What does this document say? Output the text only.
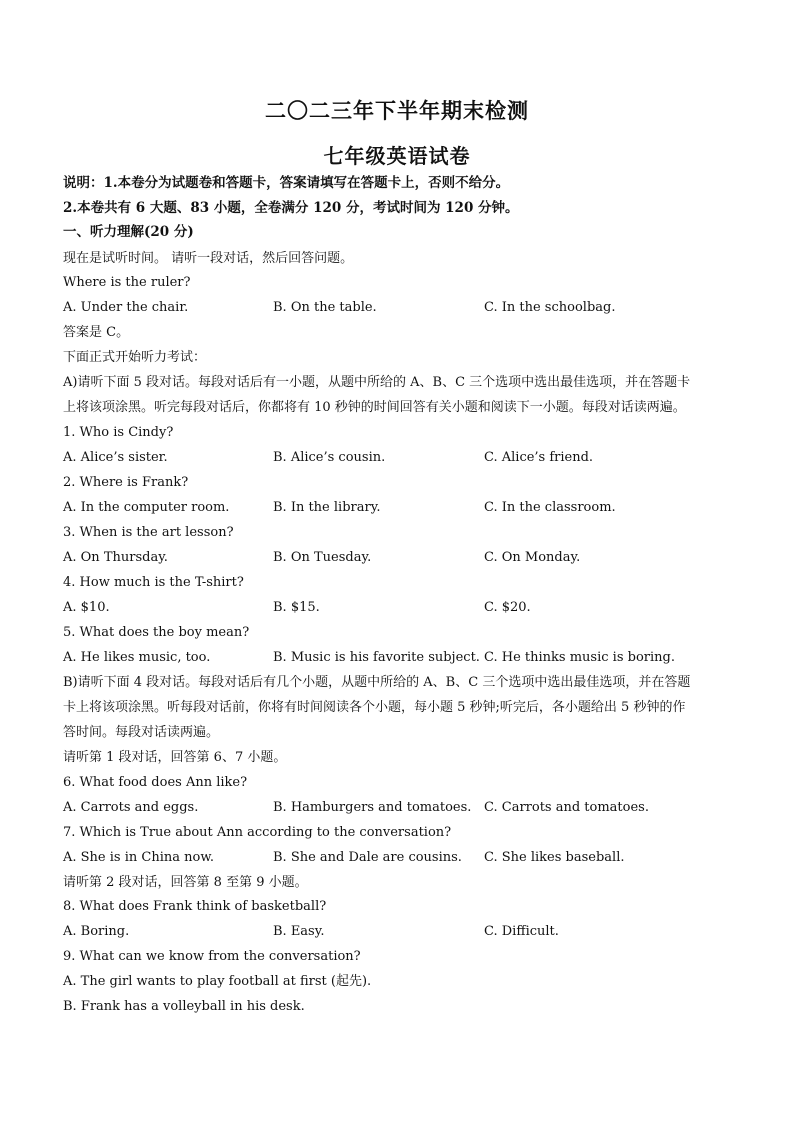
二〇二三年下半年期末检测
七年级英语试卷
说明：1.本卷分为试题卷和答题卡，答案请填写在答题卡上，否则不给分。
2.本卷共有 6 大题、83 小题，全卷满分 120 分，考试时间为 120 分钟。
一、听力理解(20 分)
现在是试听时间。 请听一段对话，然后回答问题。
Where is the ruler?
A. Under the chair.	B. On the table.	C. In the schoolbag.
答案是 C。
下面正式开始听力考试：
A)请听下面 5 段对话。每段对话后有一小题，从题中所给的 A、B、C 三个选项中选出最佳选项，并在答题卡
上将该项涂黑。听完每段对话后，你都将有 10 秒钟的时间回答有关小题和阅读下一小题。每段对话读两遍。
1. Who is Cindy?
A. Alice’s sister.	B. Alice’s cousin.	C. Alice’s friend.
2. Where is Frank?
A. In the computer room.	B. In the library.	C. In the classroom.
3. When is the art lesson?
A. On Thursday.	B. On Tuesday.	C. On Monday.
4. How much is the T-shirt?
A. $10.	B. $15.	C. $20.
5. What does the boy mean?
A. He likes music, too.	B. Music is his favorite subject. C. He thinks music is boring.
B)请听下面 4 段对话。每段对话后有几个小题，从题中所给的 A、B、C 三个选项中选出最佳选项，并在答题
卡上将该项涂黑。听每段对话前，你将有时间阅读各个小题，每小题 5 秒钟;听完后，各小题给出 5 秒钟的作
答时间。每段对话读两遍。
请听第 1 段对话，回答第 6、7 小题。
6. What food does Ann like?
A. Carrots and eggs.	B. Hamburgers and tomatoes. C. Carrots and tomatoes.
7. Which is True about Ann according to the conversation?
A. She is in China now.	B. She and Dale are cousins. C. She likes baseball.
请听第 2 段对话，回答第 8 至第 9 小题。
8. What does Frank think of basketball?
A. Boring.	B. Easy.	C. Difficult.
9. What can we know from the conversation?
A. The girl wants to play football at first (起先).
B. Frank has a volleyball in his desk.
